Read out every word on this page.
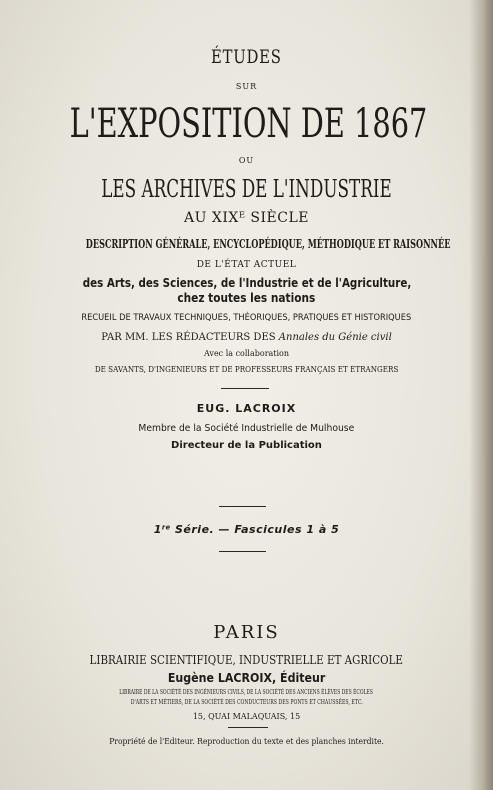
ÉTUDES
SUR
L'EXPOSITION DE 1867
OU
LES ARCHIVES DE L'INDUSTRIE
AU $XIX^E$ SIÈCLE
DESCRIPTION GÉNÉRALE, ENCYCLOPÉDIQUE, MÉTHODIQUE ET RAISONNÉE
DE L'ÉTAT ACTUEL
des Arts, des Sciences, de l'Industrie et de l'Agriculture,
chez toutes les nations
RECUEIL DE TRAVAUX TECHNIQUES, THÉORIQUES, PRATIQUES ET HISTORIQUES
PAR MM. LES RÉDACTEURS DES Annales du Génie civil
Avec la collaboration
DE SAVANTS, D'INGÉNIEURS ET DE PROFESSEURS FRANÇAIS ET ÉTRANGERS
EUG. LACROIX
Membre de la Société Industrielle de Mulhouse
Directeur de la Publication
1re Série. — Fascicules 1 à 5
PARIS
LIBRAIRIE SCIENTIFIQUE, INDUSTRIELLE ET AGRICOLE
Eugène LACROIX, Éditeur
LIBRAIRE DE LA SOCIÉTÉ DES INGÉNIEURS CIVILS, DE LA SOCIÉTÉ DES ANCIENS ÉLÈVES DES ÉCOLES
D'ARTS ET MÉTIERS, DE LA SOCIÉTÉ DES CONDUCTEURS DES PONTS ET CHAUSSÉES, ETC.
15, QUAI MALAQUAIS, 15
Propriété de l'Éditeur. Reproduction du texte et des planches interdite.
